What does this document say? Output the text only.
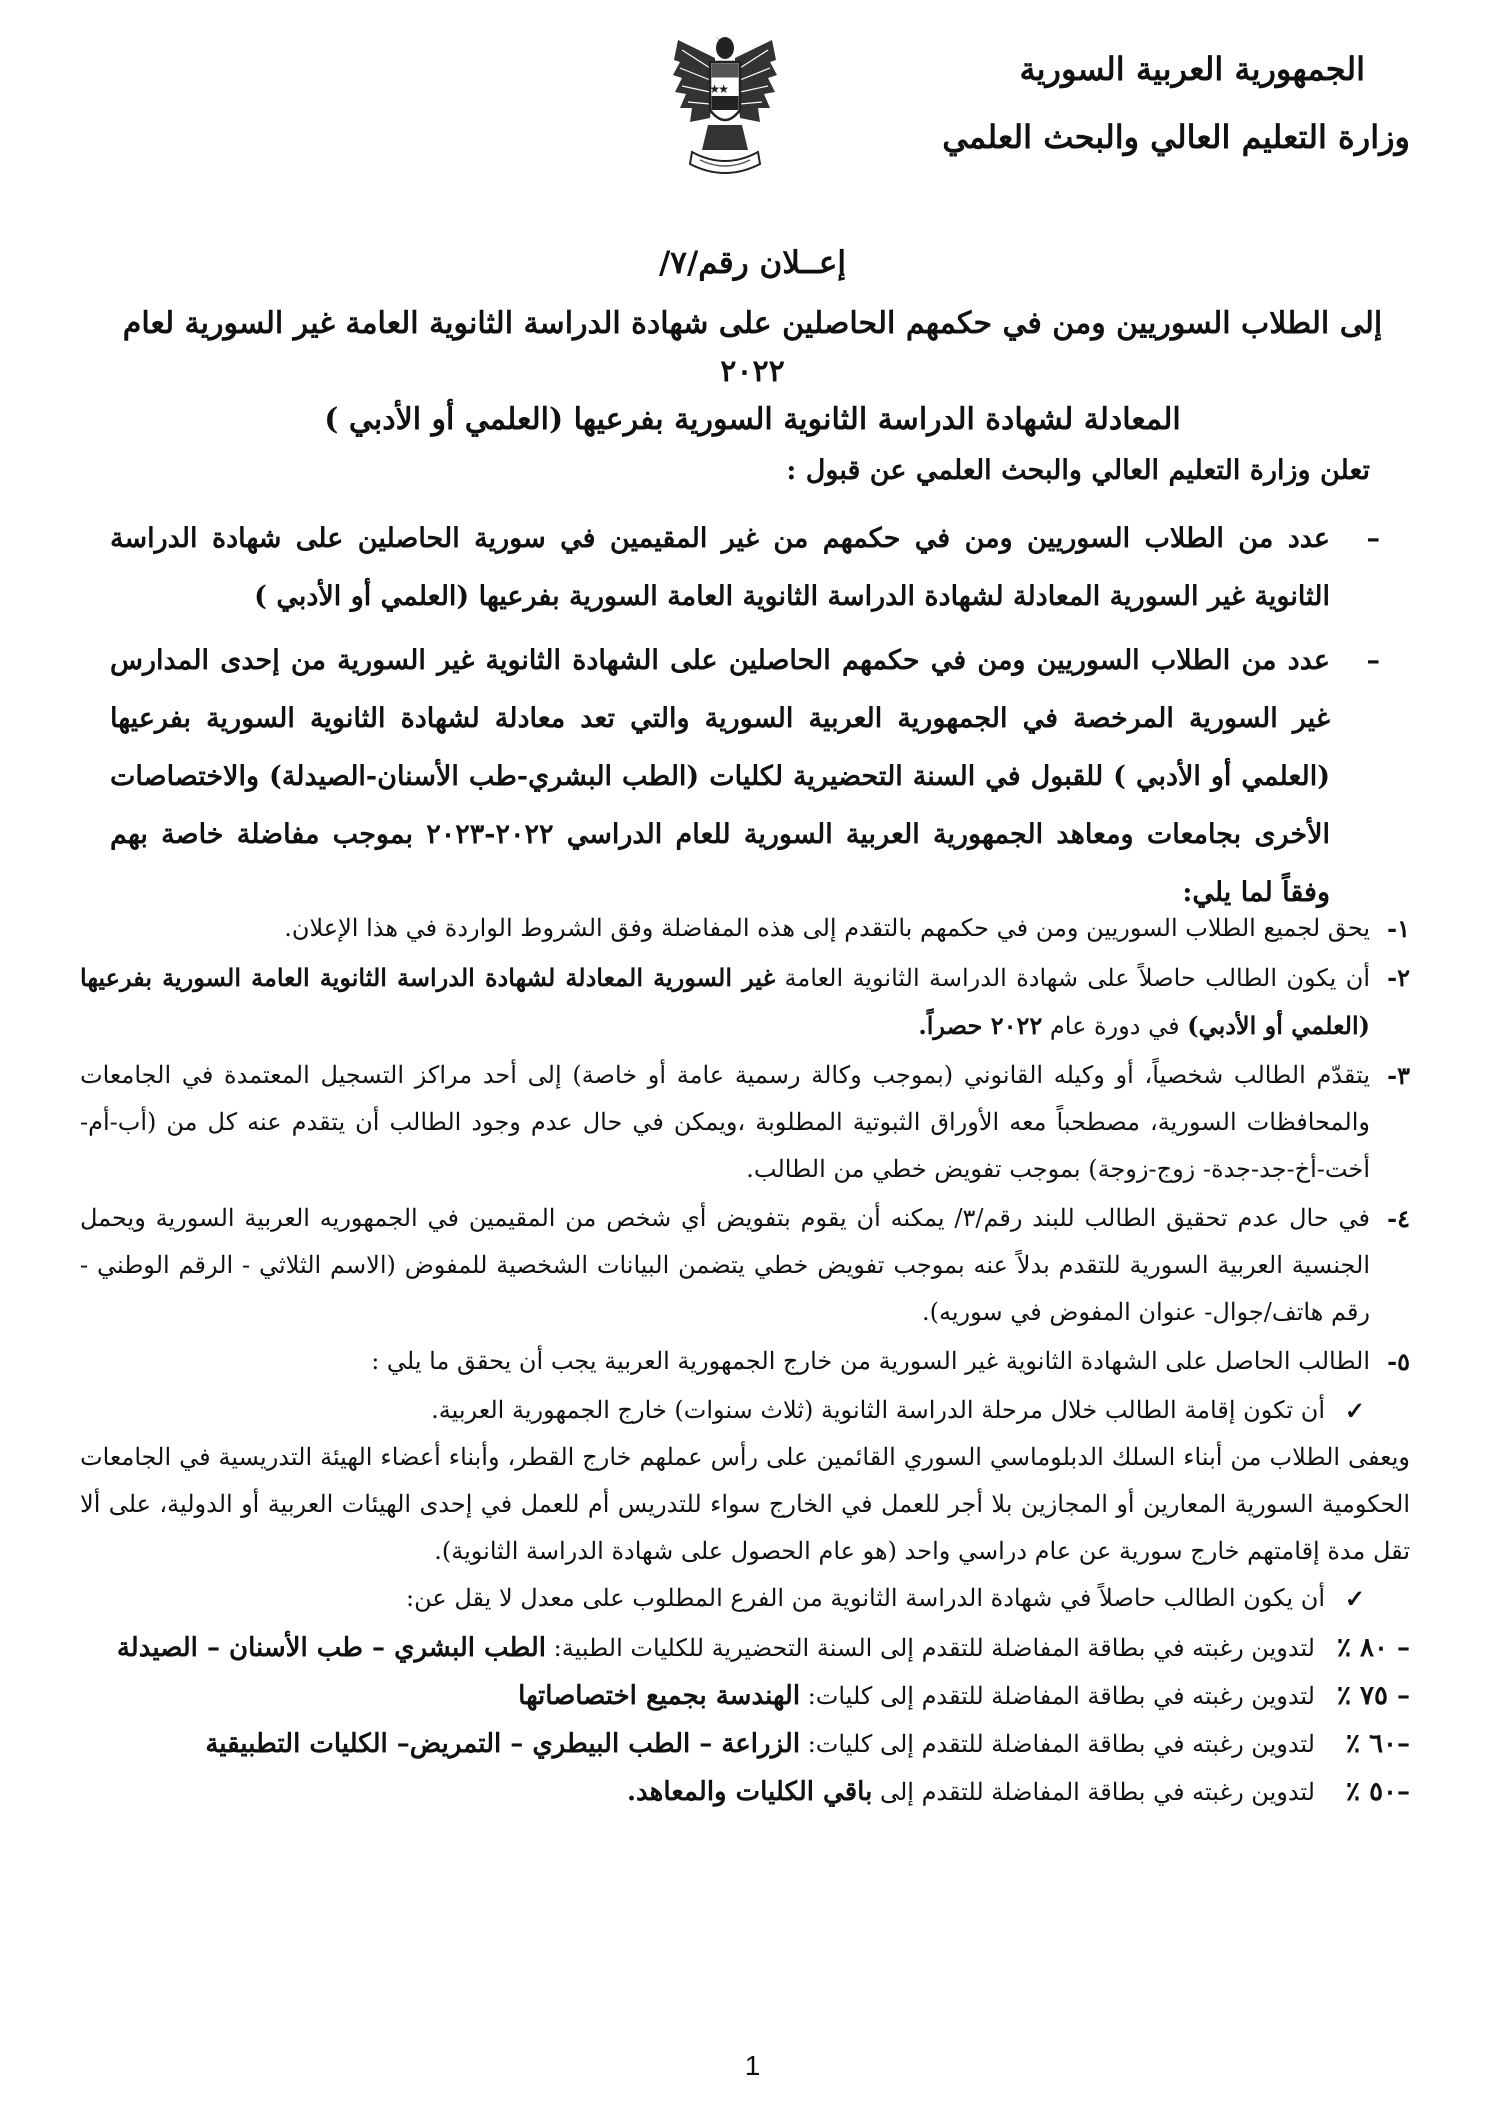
★
★
الجمهورية العربية السورية
وزارة التعليم العالي والبحث العلمي
إعــلان رقم/٧/
إلى الطلاب السوريين ومن في حكمهم الحاصلين على شهادة الدراسة الثانوية العامة غير السورية لعام ٢٠٢٢
المعادلة لشهادة الدراسة الثانوية السورية بفرعيها (العلمي أو الأدبي )
تعلن وزارة التعليم العالي والبحث العلمي عن قبول :
–
عدد من الطلاب السوريين ومن في حكمهم من غير المقيمين في سورية الحاصلين على شهادة الدراسة الثانوية غير السورية المعادلة لشهادة الدراسة الثانوية العامة السورية بفرعيها (العلمي أو الأدبي )
–
عدد من الطلاب السوريين ومن في حكمهم الحاصلين على الشهادة الثانوية غير السورية من إحدى المدارس غير السورية المرخصة في الجمهورية العربية السورية والتي تعد معادلة لشهادة الثانوية السورية بفرعيها (العلمي أو الأدبي ) للقبول في السنة التحضيرية لكليات (الطب البشري-طب الأسنان-الصيدلة) والاختصاصات الأخرى بجامعات ومعاهد الجمهورية العربية السورية للعام الدراسي ٢٠٢٢-٢٠٢٣ بموجب مفاضلة خاصة بهم وفقاً لما يلي:
١-
يحق لجميع الطلاب السوريين ومن في حكمهم بالتقدم إلى هذه المفاضلة وفق الشروط الواردة في هذا الإعلان.
٢-
أن يكون الطالب حاصلاً على شهادة الدراسة الثانوية العامة غير السورية المعادلة لشهادة الدراسة الثانوية العامة السورية بفرعيها (العلمي أو الأدبي) في دورة عام ٢٠٢٢ حصراً.
٣-
يتقدّم الطالب شخصياً، أو وكيله القانوني (بموجب وكالة رسمية عامة أو خاصة) إلى أحد مراكز التسجيل المعتمدة في الجامعات والمحافظات السورية، مصطحباً معه الأوراق الثبوتية المطلوبة ،ويمكن في حال عدم وجود الطالب أن يتقدم عنه كل من (أب-أم-أخت-أخ-جد-جدة- زوج-زوجة) بموجب تفويض خطي من الطالب.
٤-
في حال عدم تحقيق الطالب للبند رقم/٣/ يمكنه أن يقوم بتفويض أي شخص من المقيمين في الجمهوريه العربية السورية ويحمل الجنسية العربية السورية للتقدم بدلاً عنه بموجب تفويض خطي يتضمن البيانات الشخصية للمفوض (الاسم الثلاثي - الرقم الوطني - رقم هاتف/جوال- عنوان المفوض في سوريه).
٥-
الطالب الحاصل على الشهادة الثانوية غير السورية من خارج الجمهورية العربية يجب أن يحقق ما يلي :
✓
أن تكون إقامة الطالب خلال مرحلة الدراسة الثانوية (ثلاث سنوات) خارج الجمهورية العربية.
ويعفى الطلاب من أبناء السلك الدبلوماسي السوري القائمين على رأس عملهم خارج القطر، وأبناء أعضاء الهيئة التدريسية في الجامعات الحكومية السورية المعارين أو المجازين بلا أجر للعمل في الخارج سواء للتدريس أم للعمل في إحدى الهيئات العربية أو الدولية، على ألا تقل مدة إقامتهم خارج سورية عن عام دراسي واحد (هو عام الحصول على شهادة الدراسة الثانوية).
✓
أن يكون الطالب حاصلاً في شهادة الدراسة الثانوية من الفرع المطلوب على معدل لا يقل عن:
– ٨٠ ٪
لتدوين رغبته في بطاقة المفاضلة للتقدم إلى السنة التحضيرية للكليات الطبية: الطب البشري – طب الأسنان – الصيدلة
– ٧٥ ٪
لتدوين رغبته في بطاقة المفاضلة للتقدم إلى كليات: الهندسة بجميع اختصاصاتها
–٦٠ ٪
لتدوين رغبته في بطاقة المفاضلة للتقدم إلى كليات: الزراعة – الطب البيطري – التمريض– الكليات التطبيقية
–٥٠ ٪
لتدوين رغبته في بطاقة المفاضلة للتقدم إلى باقي الكليات والمعاهد.
1
